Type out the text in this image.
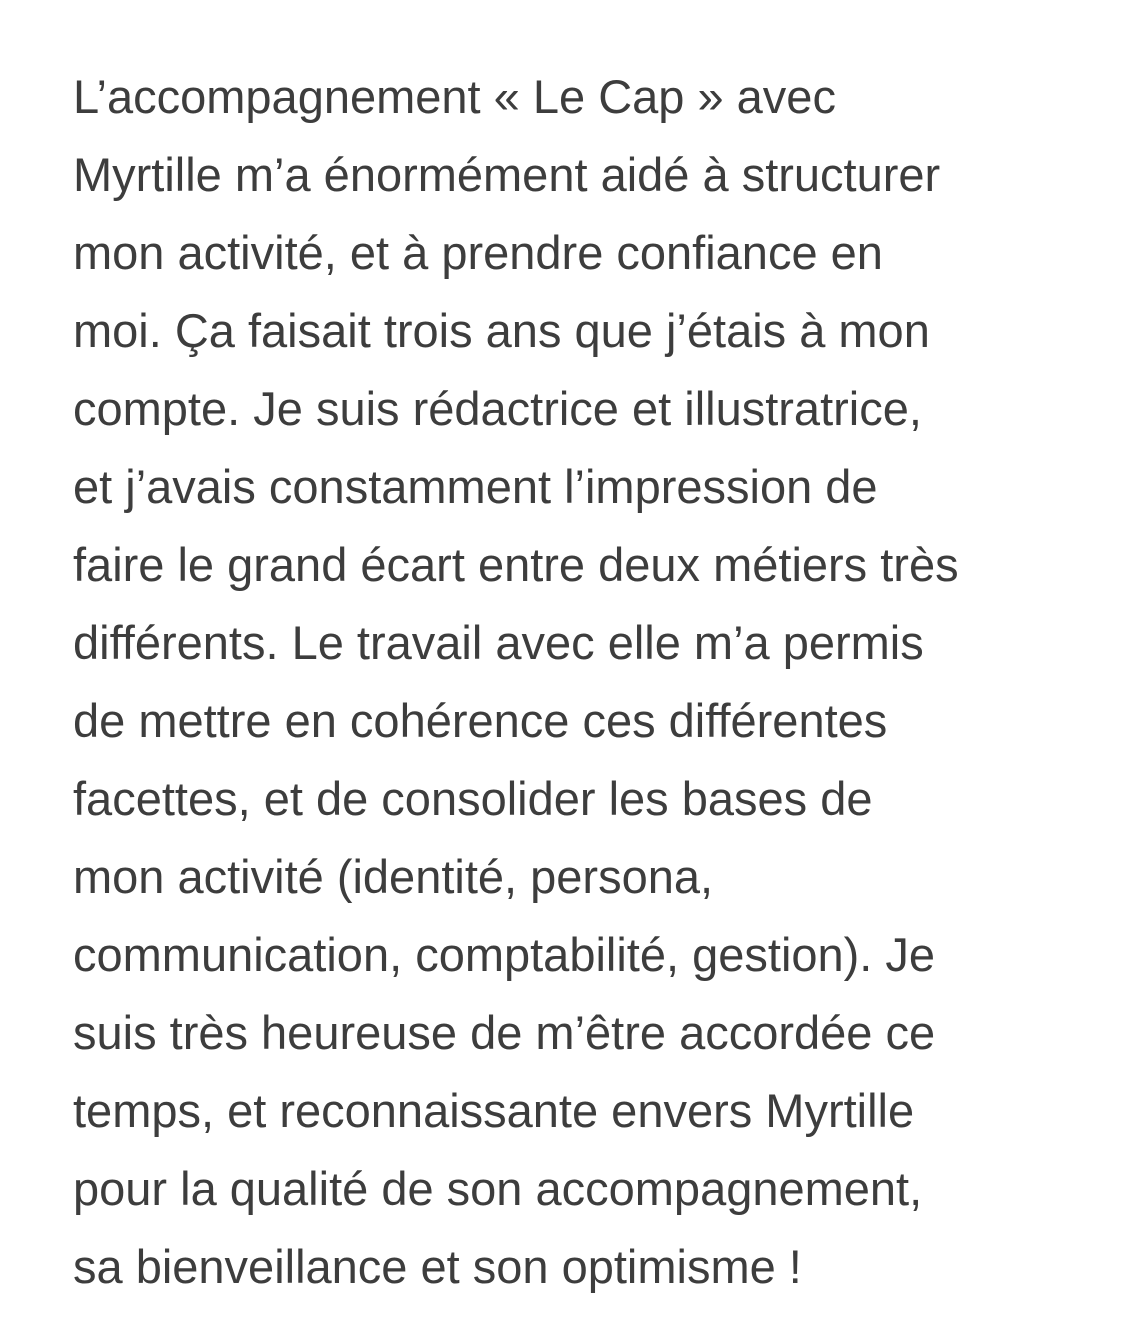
L’accompagnement « Le Cap » avec
Myrtille m’a énormément aidé à structurer
mon activité, et à prendre confiance en
moi. Ça faisait trois ans que j’étais à mon
compte. Je suis rédactrice et illustratrice,
et j’avais constamment l’impression de
faire le grand écart entre deux métiers très
différents. Le travail avec elle m’a permis
de mettre en cohérence ces différentes
facettes, et de consolider les bases de
mon activité (identité, persona,
communication, comptabilité, gestion). Je
suis très heureuse de m’être accordée ce
temps, et reconnaissante envers Myrtille
pour la qualité de son accompagnement,
sa bienveillance et son optimisme !
